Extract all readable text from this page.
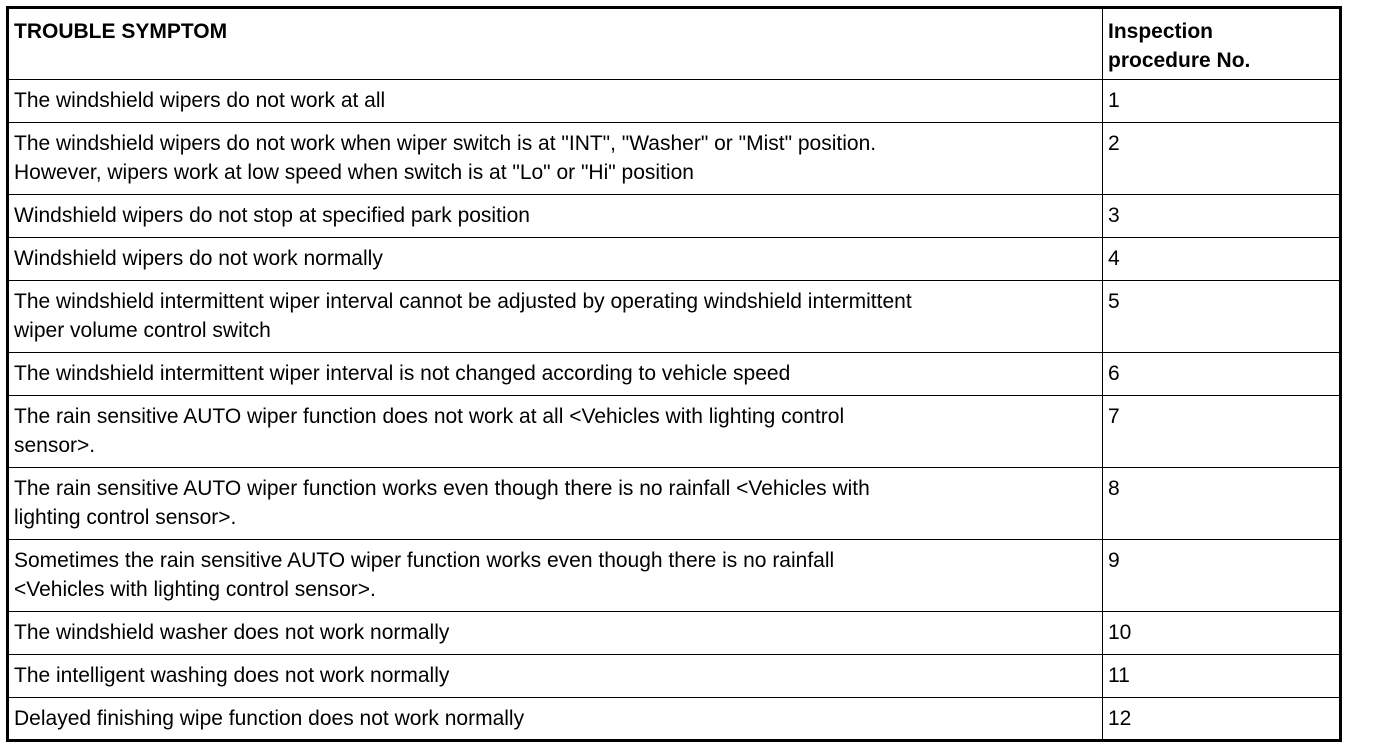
TROUBLE SYMPTOM	Inspection
procedure No.
The windshield wipers do not work at all	1
The windshield wipers do not work when wiper switch is at "INT", "Washer" or "Mist" position.
However, wipers work at low speed when switch is at "Lo" or "Hi" position	2
Windshield wipers do not stop at specified park position	3
Windshield wipers do not work normally	4
The windshield intermittent wiper interval cannot be adjusted by operating windshield intermittent
wiper volume control switch	5
The windshield intermittent wiper interval is not changed according to vehicle speed	6
The rain sensitive AUTO wiper function does not work at all <Vehicles with lighting control
sensor>.	7
The rain sensitive AUTO wiper function works even though there is no rainfall <Vehicles with
lighting control sensor>.	8
Sometimes the rain sensitive AUTO wiper function works even though there is no rainfall
<Vehicles with lighting control sensor>.	9
The windshield washer does not work normally	10
The intelligent washing does not work normally	11
Delayed finishing wipe function does not work normally	12
